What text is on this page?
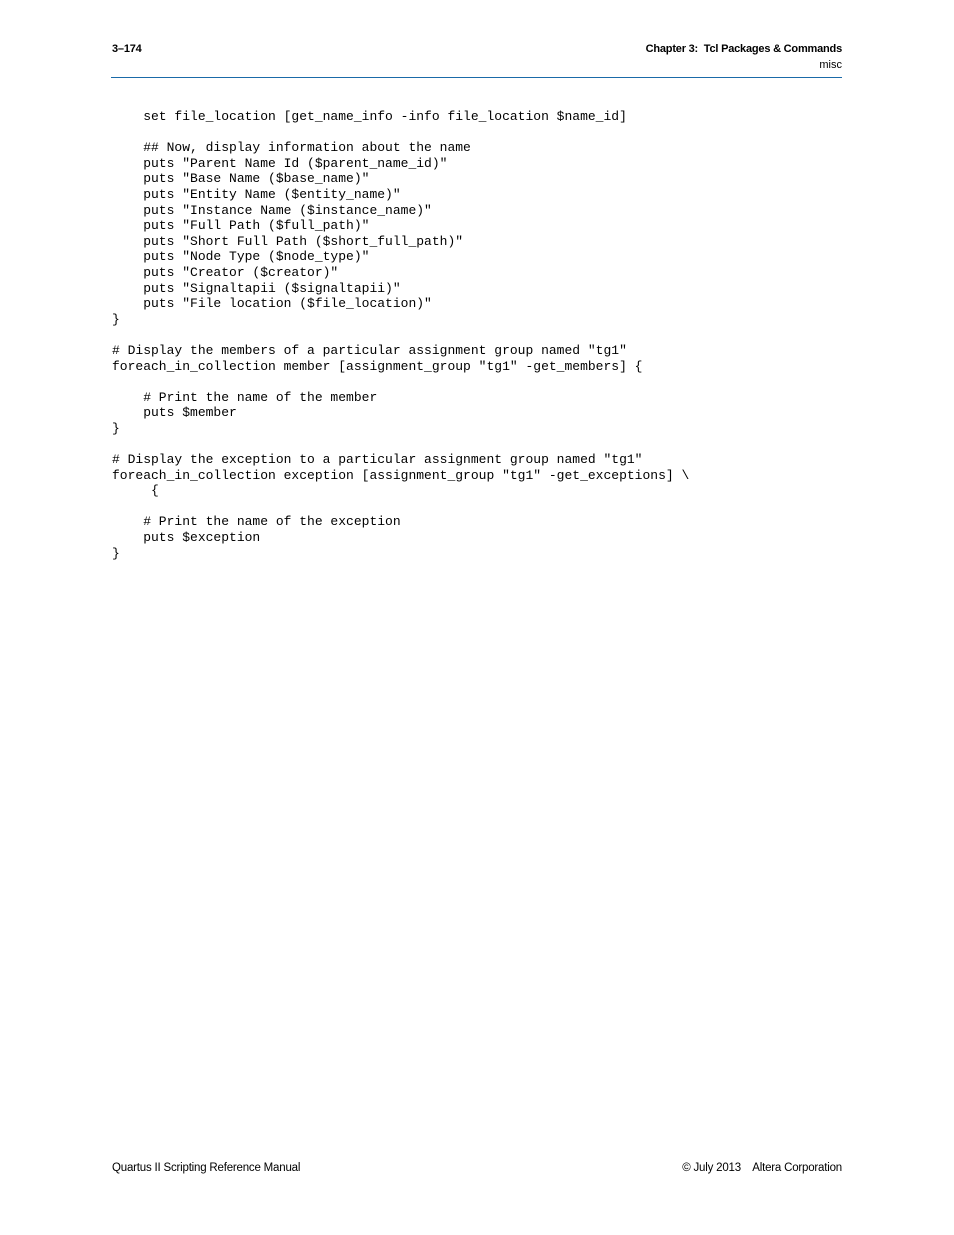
3–174	Chapter 3:  Tcl Packages & Commands
misc
set file_location [get_name_info -info file_location $name_id]

## Now, display information about the name
puts "Parent Name Id ($parent_name_id)"
puts "Base Name ($base_name)"
puts "Entity Name ($entity_name)"
puts "Instance Name ($instance_name)"
puts "Full Path ($full_path)"
puts "Short Full Path ($short_full_path)"
puts "Node Type ($node_type)"
puts "Creator ($creator)"
puts "Signaltapii ($signaltapii)"
puts "File location ($file_location)"
}

# Display the members of a particular assignment group named "tg1"
foreach_in_collection member [assignment_group "tg1" -get_members] {

# Print the name of the member
puts $member
}

# Display the exception to a particular assignment group named "tg1"
foreach_in_collection exception [assignment_group "tg1" -get_exceptions] \
{

# Print the name of the exception
puts $exception
}
Quartus II Scripting Reference Manual	© July 2013    Altera Corporation
